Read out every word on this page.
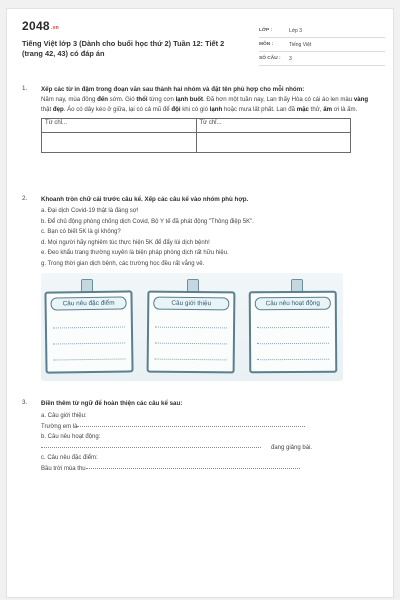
2048.vn
Tiếng Việt lớp 3 (Dành cho buổi học thứ 2) Tuần 12: Tiết 2 (trang 42, 43) có đáp án
LỚP :	Lớp 3
MÔN :	Tiếng Việt
SỐ CÂU :	3
1. Xếp các từ in đậm trong đoạn văn sau thành hai nhóm và đặt tên phù hợp cho mỗi nhóm:
Năm nay, mùa đông đến sớm. Gió thổi từng cơn lạnh buốt. Đã hơn một tuần nay, Lan thấy Hòa có cái áo len màu vàng thật đẹp. Áo có dây kéo ở giữa, lại có cả mũ để đội khi có gió lạnh hoặc mưa lất phất. Lan đã mặc thử, ấm ơi là ấm.
Từ chỉ...	Từ chỉ...

2. Khoanh tròn chữ cái trước câu kể. Xếp các câu kể vào nhóm phù hợp.
a. Đại dịch Covid-19 thật là đáng sợ!
b. Để chủ động phòng chống dịch Covid, Bộ Y tế đã phát động "Thông điệp 5K".
c. Bạn có biết 5K là gì không?
d. Mọi người hãy nghiêm túc thực hiện 5K để đẩy lùi dịch bệnh!
e. Đeo khẩu trang thường xuyên là biện pháp phòng dịch rất hữu hiệu.
g. Trong thời gian dịch bệnh, các trường học đều rất vắng vẻ.
Câu nêu đặc điểm	Câu giới thiệu	Câu nêu hoạt động
3. Điền thêm từ ngữ để hoàn thiện các câu kể sau:
a. Câu giới thiệu:
Trường em là
b. Câu nêu hoạt động:
đang giảng bài.
c. Câu nêu đặc điểm:
Bầu trời mùa thu
